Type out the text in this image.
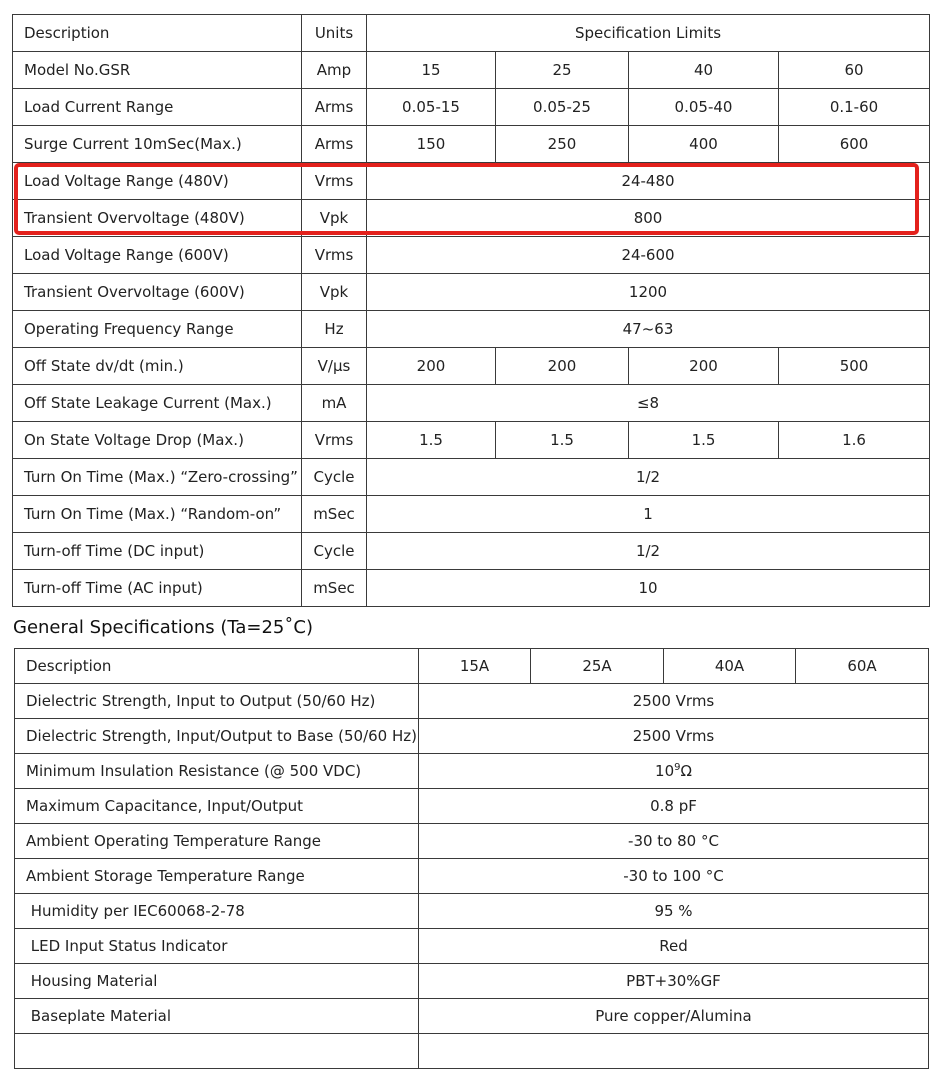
Description	Units	Specification Limits			
Model No.GSR	Amp	15	25	40	60
Load Current Range	Arms	0.05-15	0.05-25	0.05-40	0.1-60
Surge Current 10mSec(Max.)	Arms	150	250	400	600
Load Voltage Range (480V)	Vrms	24-480			
Transient Overvoltage (480V)	Vpk	800			
Load Voltage Range (600V)	Vrms	24-600			
Transient Overvoltage (600V)	Vpk	1200			
Operating Frequency Range	Hz	47~63			
Off State dv/dt (min.)	V/μs	200	200	200	500
Off State Leakage Current (Max.)	mA	≤8			
On State Voltage Drop (Max.)	Vrms	1.5	1.5	1.5	1.6
Turn On Time (Max.) “Zero-crossing”	Cycle	1/2			
Turn On Time (Max.) “Random-on”	mSec	1			
Turn-off Time (DC input)	Cycle	1/2			
Turn-off Time (AC input)	mSec	10			
General Specifications (Ta=25˚C)
Description	15A	25A	40A	60A
Dielectric Strength, Input to Output (50/60 Hz)	2500 Vrms			
Dielectric Strength, Input/Output to Base (50/60 Hz)	2500 Vrms			
Minimum Insulation Resistance (@ 500 VDC)	$10^9\Omega$			
Maximum Capacitance, Input/Output	0.8 pF			
Ambient Operating Temperature Range	-30 to 80 °C			
Ambient Storage Temperature Range	-30 to 100 °C			
Humidity per IEC60068-2-78	95 %			
LED Input Status Indicator	Red			
Housing Material	PBT+30%GF			
Baseplate Material	Pure copper/Alumina			
